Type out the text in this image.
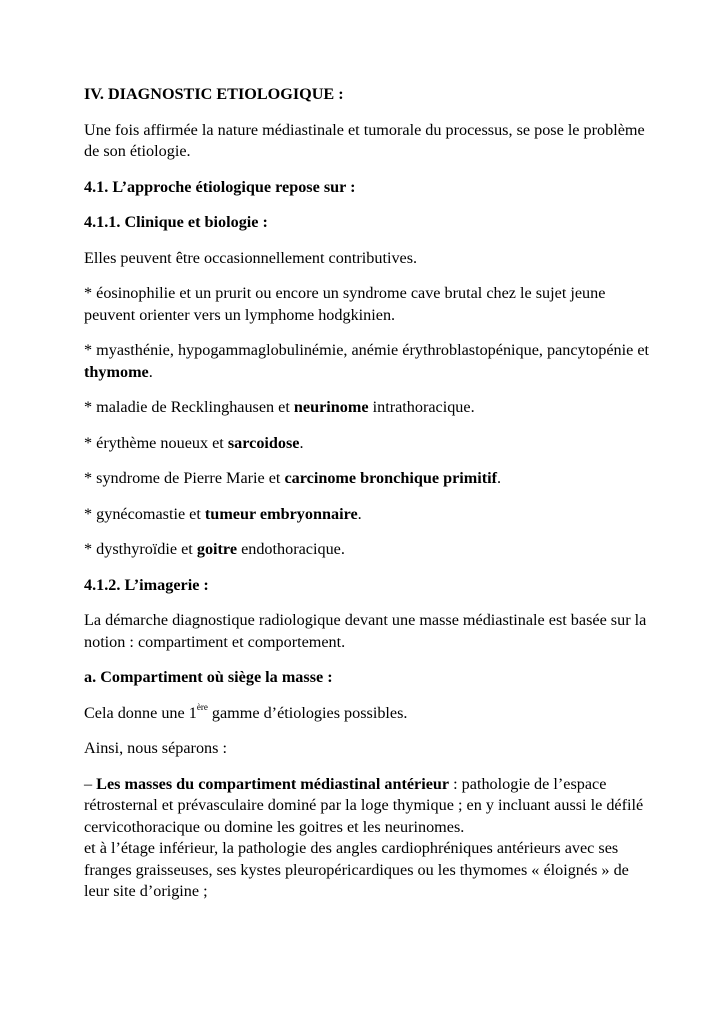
IV. DIAGNOSTIC ETIOLOGIQUE :

Une fois affirmée la nature médiastinale et tumorale du processus, se pose le problème de son étiologie.

4.1. L’approche étiologique repose sur :

4.1.1. Clinique et biologie :

Elles peuvent être occasionnellement contributives.

* éosinophilie et un prurit ou encore un syndrome cave brutal chez le sujet jeune peuvent orienter vers un lymphome hodgkinien.

* myasthénie, hypogammaglobulinémie, anémie érythroblastopénique, pancytopénie et thymome.

* maladie de Recklinghausen et neurinome intrathoracique.

* érythème noueux et sarcoidose.

* syndrome de Pierre Marie et carcinome bronchique primitif.

* gynécomastie et tumeur embryonnaire.

* dysthyroïdie et goitre endothoracique.

4.1.2. L’imagerie :

La démarche diagnostique radiologique devant une masse médiastinale est basée sur la notion : compartiment et comportement.

a. Compartiment où siège la masse :

Cela donne une 1ère gamme d’étiologies possibles.

Ainsi, nous séparons :

– Les masses du compartiment médiastinal antérieur : pathologie de l’espace rétrosternal et prévasculaire dominé par la loge thymique ; en y incluant aussi le défilé cervicothoracique ou domine les goitres et les neurinomes.

et à l’étage inférieur, la pathologie des angles cardiophréniques antérieurs avec ses franges graisseuses, ses kystes pleuropéricardiques ou les thymomes « éloignés » de leur site d’origine ;
